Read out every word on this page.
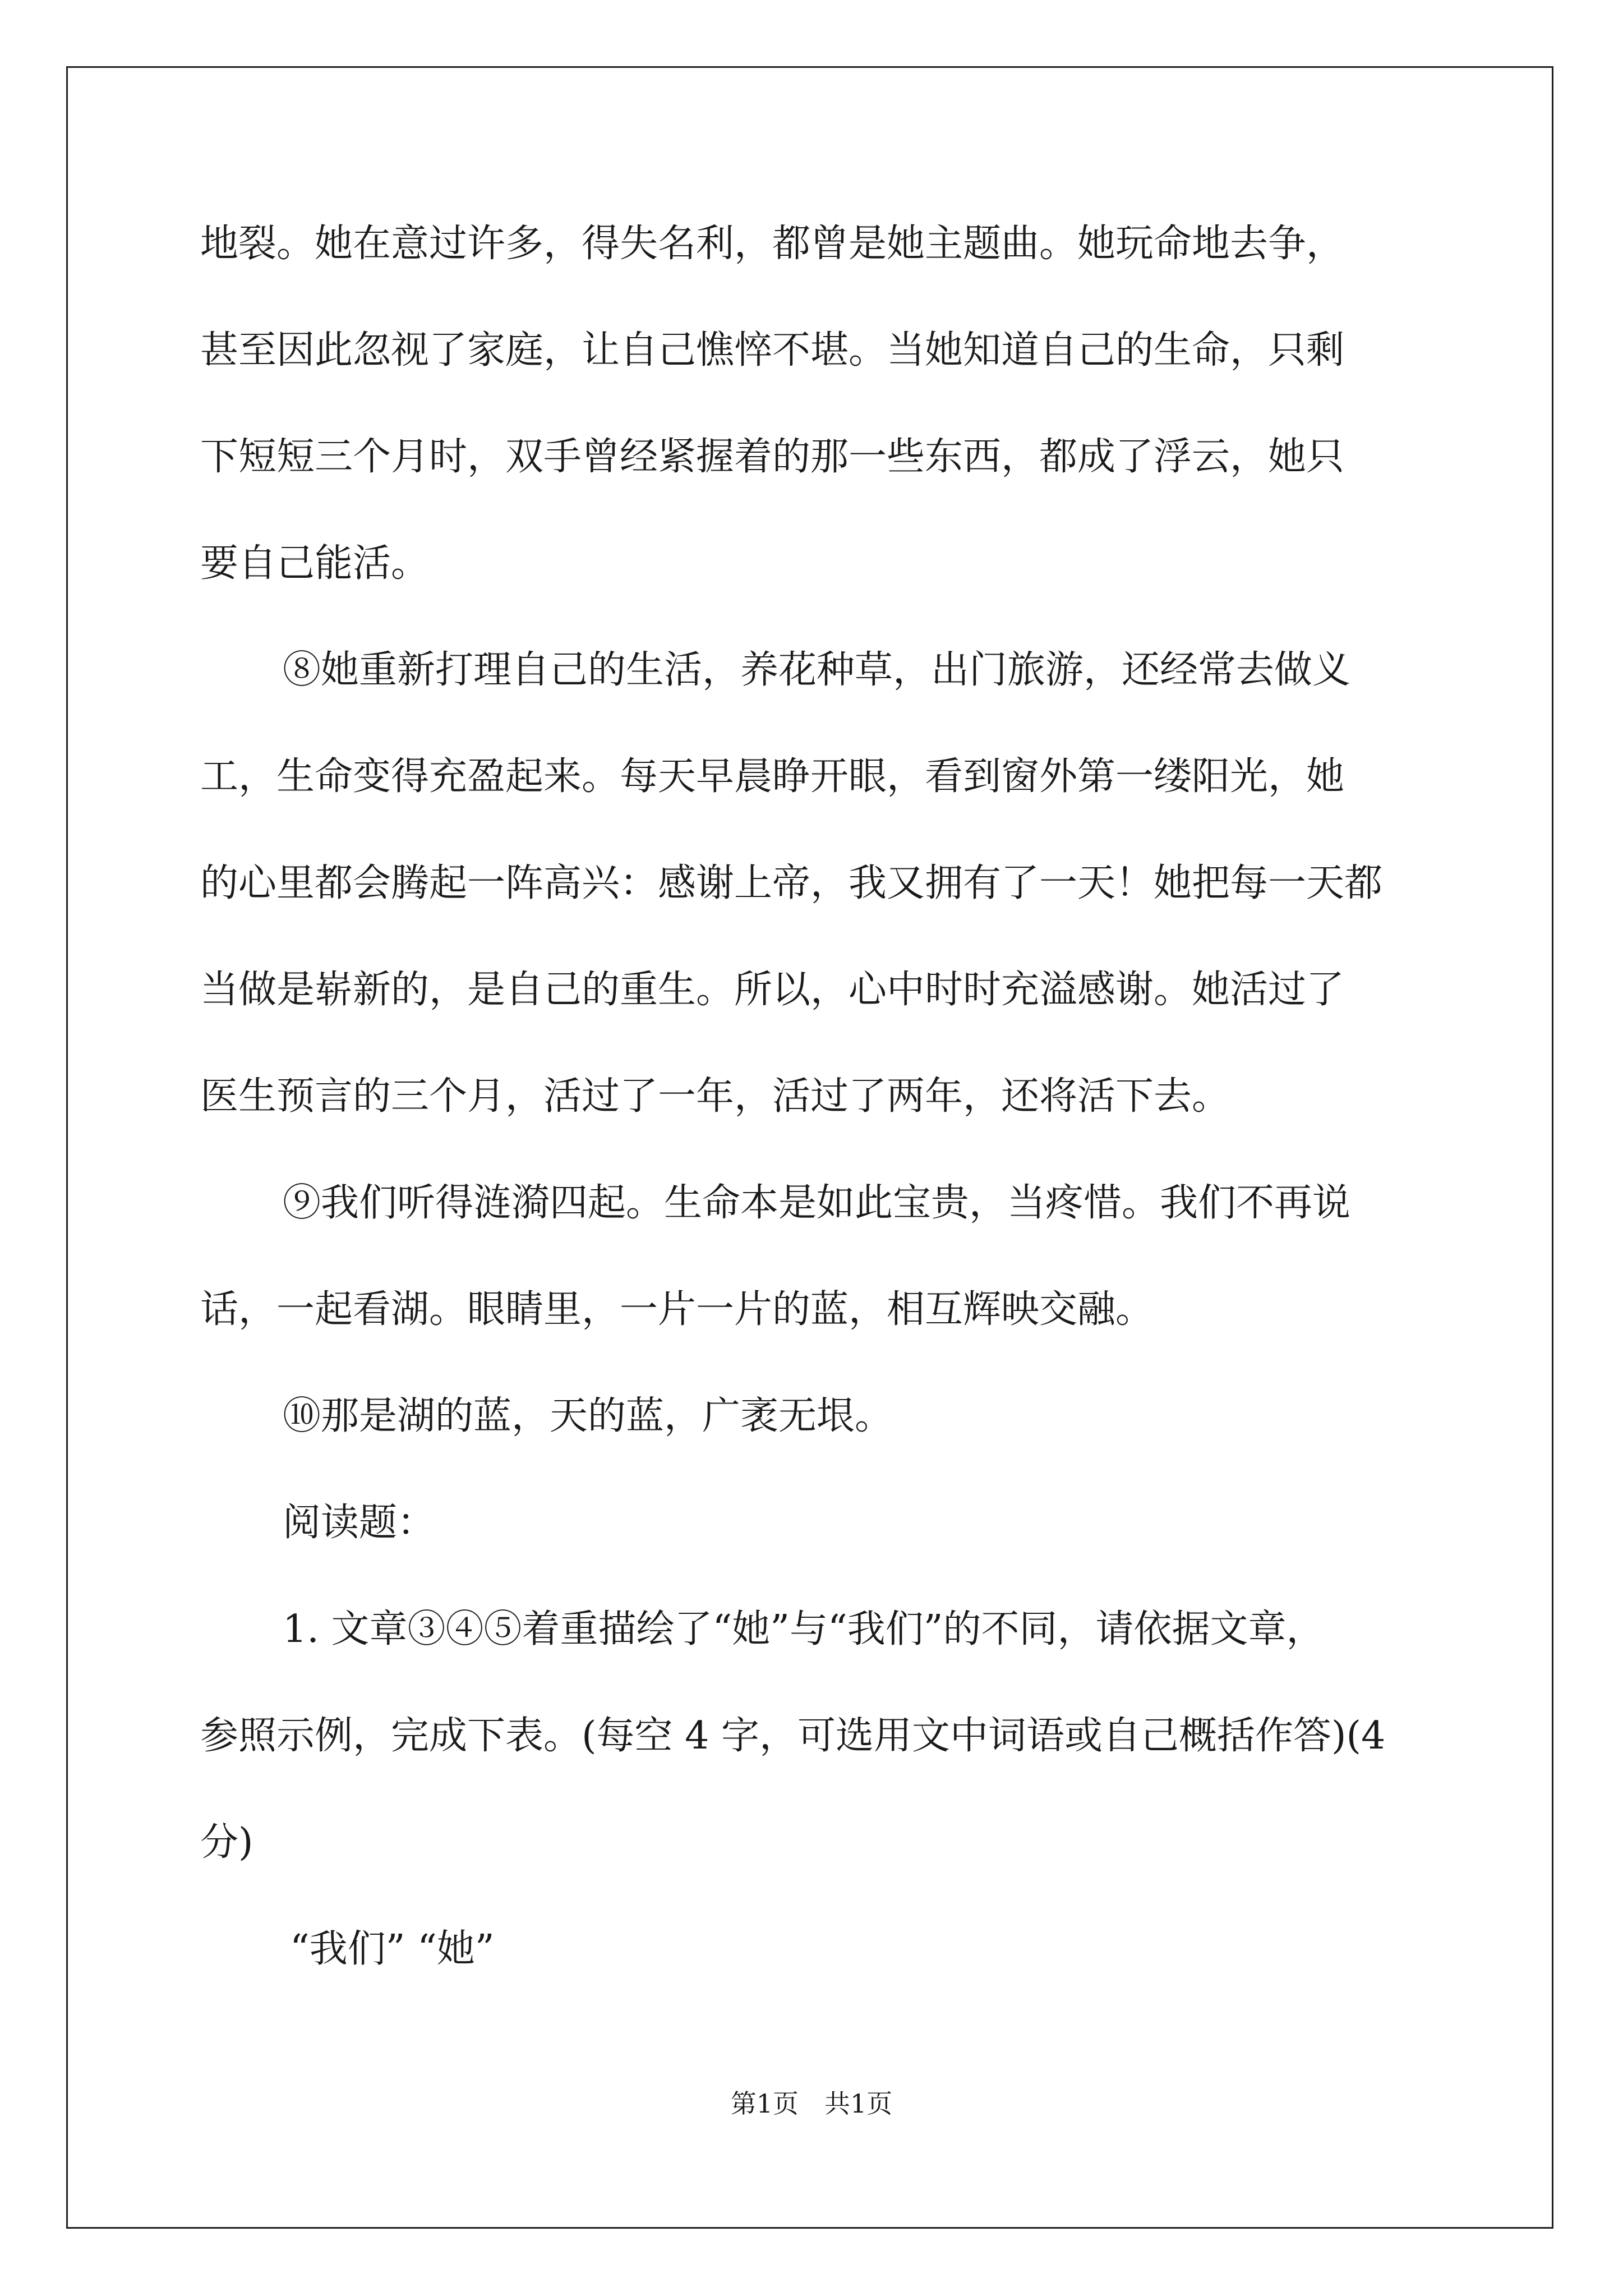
地裂。她在意过许多，得失名利，都曾是她主题曲。她玩命地去争，
甚至因此忽视了家庭，让自己憔悴不堪。当她知道自己的生命，只剩
下短短三个月时，双手曾经紧握着的那一些东西，都成了浮云，她只
要自己能活。
⑧她重新打理自己的生活，养花种草，出门旅游，还经常去做义
工，生命变得充盈起来。每天早晨睁开眼，看到窗外第一缕阳光，她
的心里都会腾起一阵高兴：感谢上帝，我又拥有了一天！她把每一天都
当做是崭新的，是自己的重生。所以，心中时时充溢感谢。她活过了
医生预言的三个月，活过了一年，活过了两年，还将活下去。
⑨我们听得涟漪四起。生命本是如此宝贵，当疼惜。我们不再说
话，一起看湖。眼睛里，一片一片的蓝，相互辉映交融。
⑩那是湖的蓝，天的蓝，广袤无垠。
阅读题：
1. 文章③④⑤着重描绘了“她”与“我们”的不同，请依据文章，
参照示例，完成下表。(每空 4 字，可选用文中词语或自己概括作答)(4
分)
“我们” “她”
第1页　共1页
